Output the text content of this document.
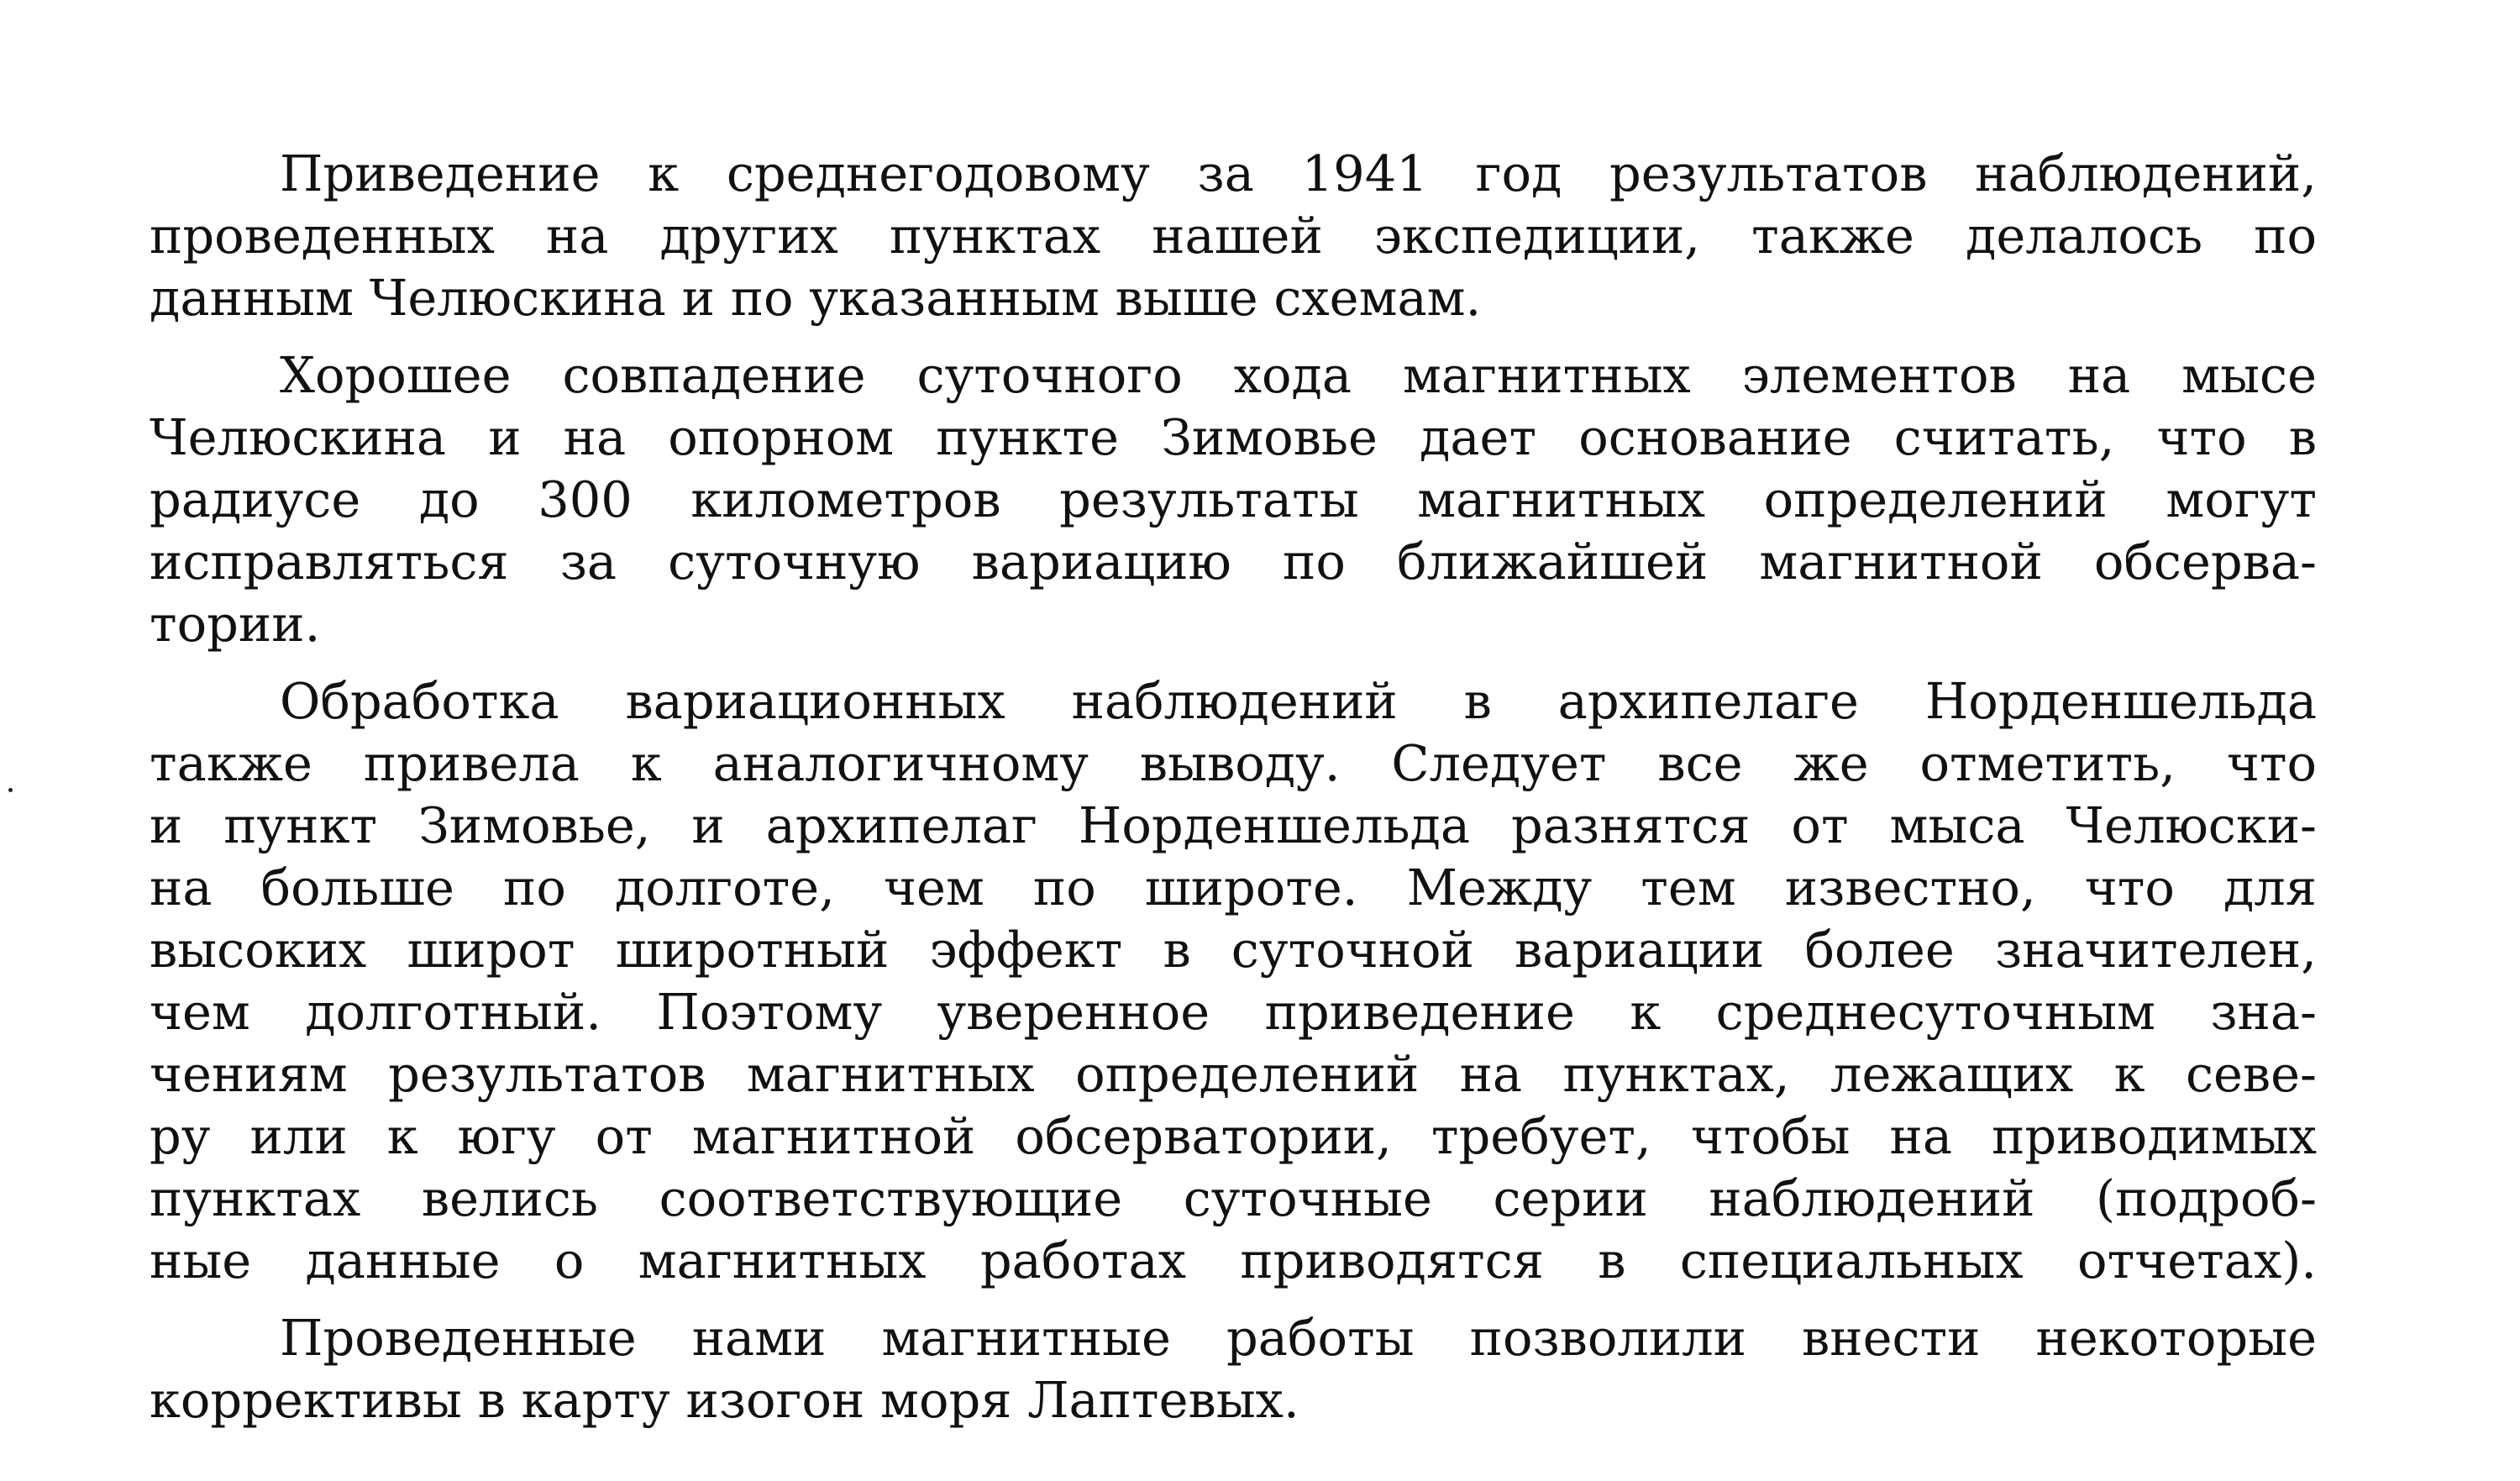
Приведение к среднегодовому за 1941 год результатов наблюдений,
проведенных на других пунктах нашей экспедиции, также делалось по
данным Челюскина и по указанным выше схемам.

Хорошее совпадение суточного хода магнитных элементов на мысе
Челюскина и на опорном пункте Зимовье дает основание считать, что в
радиусе до 300 километров результаты магнитных определений могут
исправляться за суточную вариацию по ближайшей магнитной обсерва-
тории.

Обработка вариационных наблюдений в архипелаге Норденшельда
также привела к аналогичному выводу. Следует все же отметить, что
и пункт Зимовье, и архипелаг Норденшельда разнятся от мыса Челюски-
на больше по долготе, чем по широте. Между тем известно, что для
высоких широт широтный эффект в суточной вариации более значителен,
чем долготный. Поэтому уверенное приведение к среднесуточным зна-
чениям результатов магнитных определений на пунктах, лежащих к севе-
ру или к югу от магнитной обсерватории, требует, чтобы на приводимых
пунктах велись соответствующие суточные серии наблюдений (подроб-
ные данные о магнитных работах приводятся в специальных отчетах).

Проведенные нами магнитные работы позволили внести некоторые
коррективы в карту изогон моря Лаптевых.
